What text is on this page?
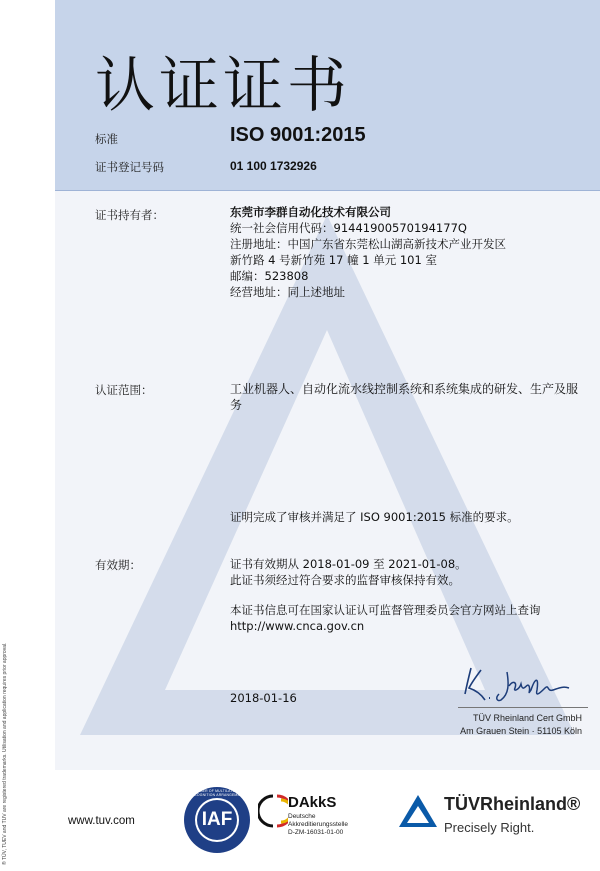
认证证书
标准	ISO 9001:2015
证书登记号码	01 100 1732926
证书持有者：	东莞市李群自动化技术有限公司
统一社会信用代码：91441900570194177Q
注册地址：中国广东省东莞松山湖高新技术产业开发区
新竹路 4 号新竹苑 17 幢 1 单元 101 室
邮编：523808
经营地址：同上述地址
认证范围：	工业机器人、自动化流水线控制系统和系统集成的研发、生产及服
务
证明完成了审核并满足了 ISO 9001:2015 标准的要求。
有效期：	证书有效期从 2018-01-09 至 2021-01-08。
此证书须经过符合要求的监督审核保持有效。
本证书信息可在国家认证认可监督管理委员会官方网站上查询
http://www.cnca.gov.cn
2018-01-16
TÜV Rheinland Cert GmbH
Am Grauen Stein · 51105 Köln
® TÜV, TUEV and TUV are registered trademarks. Utilisation and application requires prior approval.	www.tuv.com	IAF
MEMBER OF MULTILATERAL RECOGNITION ARRANGEMENT	DAkkS
Deutsche
Akkreditierungsstelle
D-ZM-16031-01-00
TÜVRheinland®
Precisely Right.
